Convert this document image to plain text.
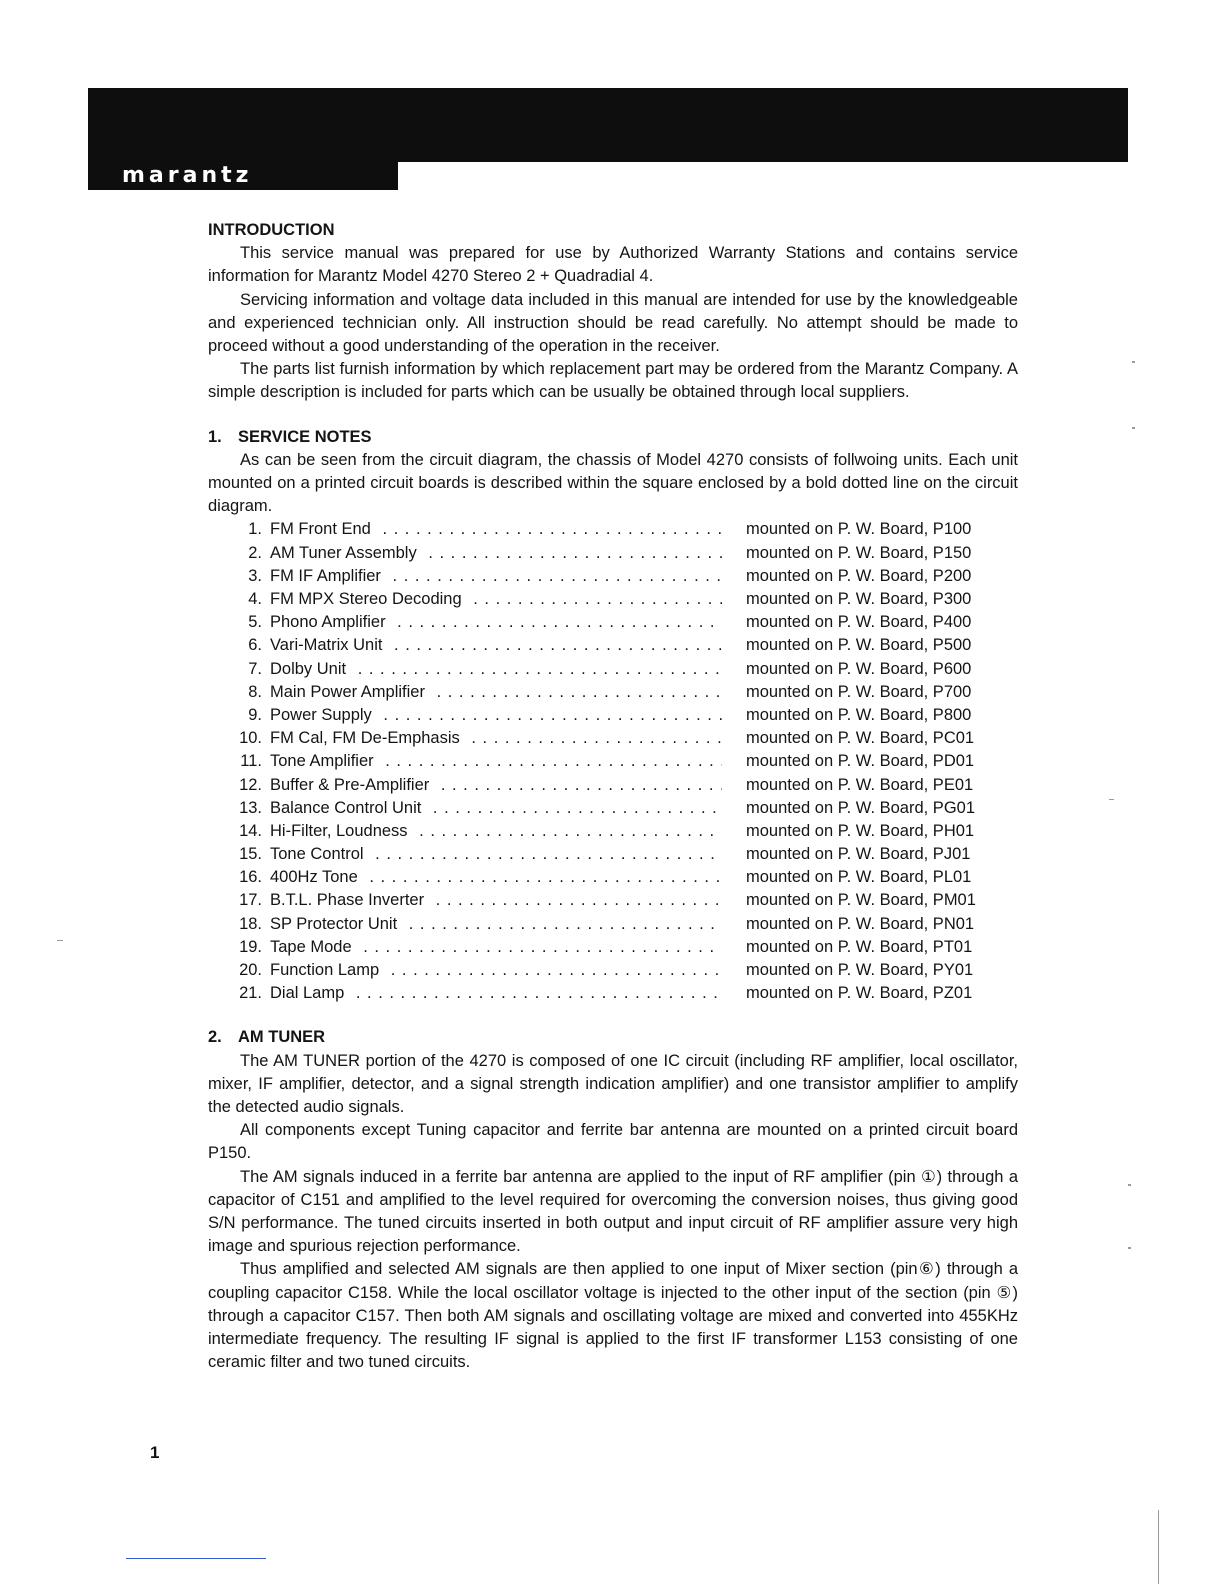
marantz
INTRODUCTION

This service manual was prepared for use by Authorized Warranty Stations and contains service information for Marantz Model 4270 Stereo 2 + Quadradial 4.

Servicing information and voltage data included in this manual are intended for use by the knowledgeable and experienced technician only. All instruction should be read carefully. No attempt should be made to proceed without a good understanding of the operation in the receiver.

The parts list furnish information by which replacement part may be ordered from the Marantz Company. A simple description is included for parts which can be usually be obtained through local suppliers.

1. SERVICE NOTES

As can be seen from the circuit diagram, the chassis of Model 4270 consists of follwoing units. Each unit mounted on a printed circuit boards is described within the square enclosed by a bold dotted line on the circuit diagram.

1. FM Front End . . .	mounted on P. W. Board, P100
2. AM Tuner Assembly . . .	mounted on P. W. Board, P150
3. FM IF Amplifier . . .	mounted on P. W. Board, P200
4. FM MPX Stereo Decoding . . .	mounted on P. W. Board, P300
5. Phono Amplifier . . .	mounted on P. W. Board, P400
6. Vari-Matrix Unit . . .	mounted on P. W. Board, P500
7. Dolby Unit . . .	mounted on P. W. Board, P600
8. Main Power Amplifier . . .	mounted on P. W. Board, P700
9. Power Supply . . .	mounted on P. W. Board, P800
10. FM Cal, FM De-Emphasis . . .	mounted on P. W. Board, PC01
11. Tone Amplifier . . .	mounted on P. W. Board, PD01
12. Buffer & Pre-Amplifier . . .	mounted on P. W. Board, PE01
13. Balance Control Unit . . .	mounted on P. W. Board, PG01
14. Hi-Filter, Loudness . . .	mounted on P. W. Board, PH01
15. Tone Control . . .	mounted on P. W. Board, PJ01
16. 400Hz Tone . . .	mounted on P. W. Board, PL01
17. B.T.L. Phase Inverter . . .	mounted on P. W. Board, PM01
18. SP Protector Unit . . .	mounted on P. W. Board, PN01
19. Tape Mode . . .	mounted on P. W. Board, PT01
20. Function Lamp . . .	mounted on P. W. Board, PY01
21. Dial Lamp . . .	mounted on P. W. Board, PZ01
2. AM TUNER

The AM TUNER portion of the 4270 is composed of one IC circuit (including RF amplifier, local oscillator, mixer, IF amplifier, detector, and a signal strength indication amplifier) and one transistor amplifier to amplify the detected audio signals.

All components except Tuning capacitor and ferrite bar antenna are mounted on a printed circuit board P150.

The AM signals induced in a ferrite bar antenna are applied to the input of RF amplifier (pin ①) through a capacitor of C151 and amplified to the level required for overcoming the conversion noises, thus giving good S/N performance. The tuned circuits inserted in both output and input circuit of RF amplifier assure very high image and spurious rejection performance.

Thus amplified and selected AM signals are then applied to one input of Mixer section (pin⑥) through a coupling capacitor C158. While the local oscillator voltage is injected to the other input of the section (pin ⑤) through a capacitor C157. Then both AM signals and oscillating voltage are mixed and converted into 455KHz intermediate frequency. The resulting IF signal is applied to the first IF transformer L153 consisting of one ceramic filter and two tuned circuits.

1
